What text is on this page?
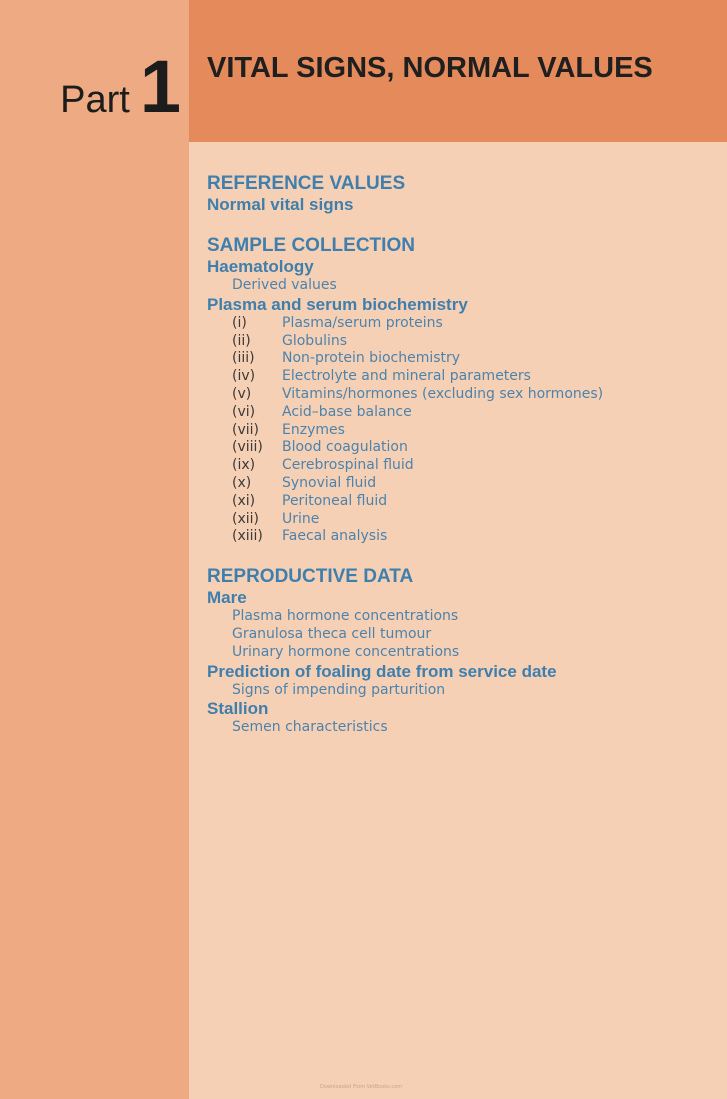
Part 1 VITAL SIGNS, NORMAL VALUES
REFERENCE VALUES
Normal vital signs
SAMPLE COLLECTION
Haematology
Derived values
Plasma and serum biochemistry
(i)	Plasma/serum proteins
(ii)	Globulins
(iii)	Non-protein biochemistry
(iv)	Electrolyte and mineral parameters
(v)	Vitamins/hormones (excluding sex hormones)
(vi)	Acid–base balance
(vii)	Enzymes
(viii)	Blood coagulation
(ix)	Cerebrospinal fluid
(x)	Synovial fluid
(xi)	Peritoneal fluid
(xii)	Urine
(xiii)	Faecal analysis
REPRODUCTIVE DATA
Mare
Plasma hormone concentrations
Granulosa theca cell tumour
Urinary hormone concentrations
Prediction of foaling date from service date
Signs of impending parturition
Stallion
Semen characteristics
Downloaded From VetBooks.com
